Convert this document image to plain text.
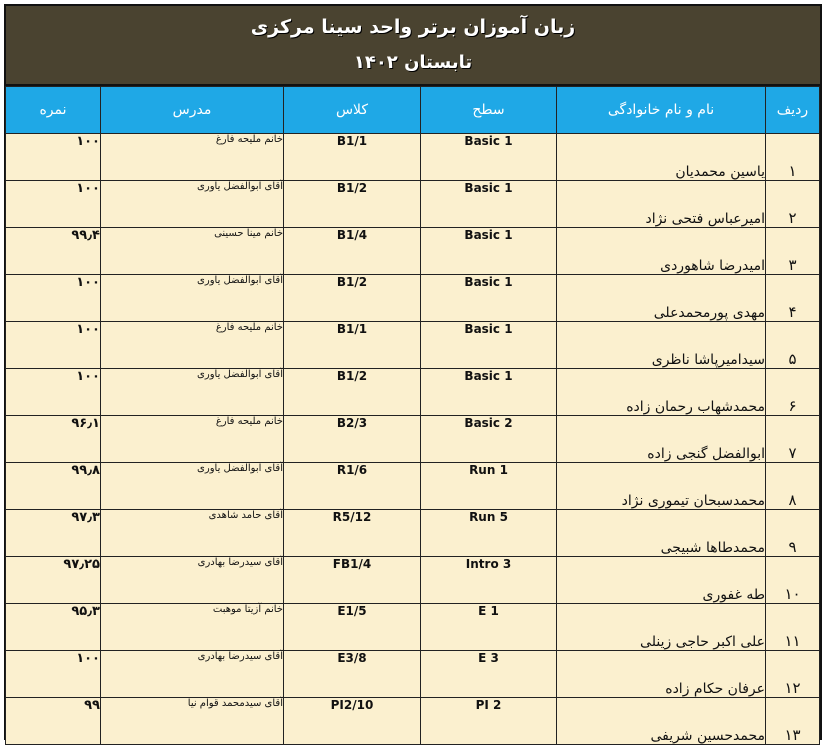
زبان آموزان برتر واحد سینا مرکزی
تابستان ۱۴۰۲
ردیف	نام و نام خانوادگی	سطح	کلاس	مدرس	نمره
۱	یاسین محمدیان	Basic 1	B1/1	خانم ملیحه فارغ	۱۰۰
۲	امیرعباس فتحی نژاد	Basic 1	B1/2	آقای ابوالفضل یاوری	۱۰۰
۳	امیدرضا شاهوردی	Basic 1	B1/4	خانم مینا حسینی	۹۹٫۴
۴	مهدی پورمحمدعلی	Basic 1	B1/2	آقای ابوالفضل یاوری	۱۰۰
۵	سیدامیرپاشا ناظری	Basic 1	B1/1	خانم ملیحه فارغ	۱۰۰
۶	محمدشهاب رحمان زاده	Basic 1	B1/2	آقای ابوالفضل یاوری	۱۰۰
۷	ابوالفضل گنجی زاده	Basic 2	B2/3	خانم ملیحه فارغ	۹۶٫۱
۸	محمدسبحان تیموری نژاد	Run 1	R1/6	آقای ابوالفضل یاوری	۹۹٫۸
۹	محمدطاها شبیجی	Run 5	R5/12	آقای حامد شاهدی	۹۷٫۳
۱۰	طه غفوری	Intro 3	FB1/4	آقای سیدرضا بهادری	۹۷٫۲۵
۱۱	علی اکبر حاجی زینلی	E 1	E1/5	خانم آزیتا موهبت	۹۵٫۳
۱۲	عرفان حکام زاده	E 3	E3/8	آقای سیدرضا بهادری	۱۰۰
۱۳	محمدحسین شریفی	PI 2	PI2/10	آقای سیدمحمد قوام نیا	۹۹
